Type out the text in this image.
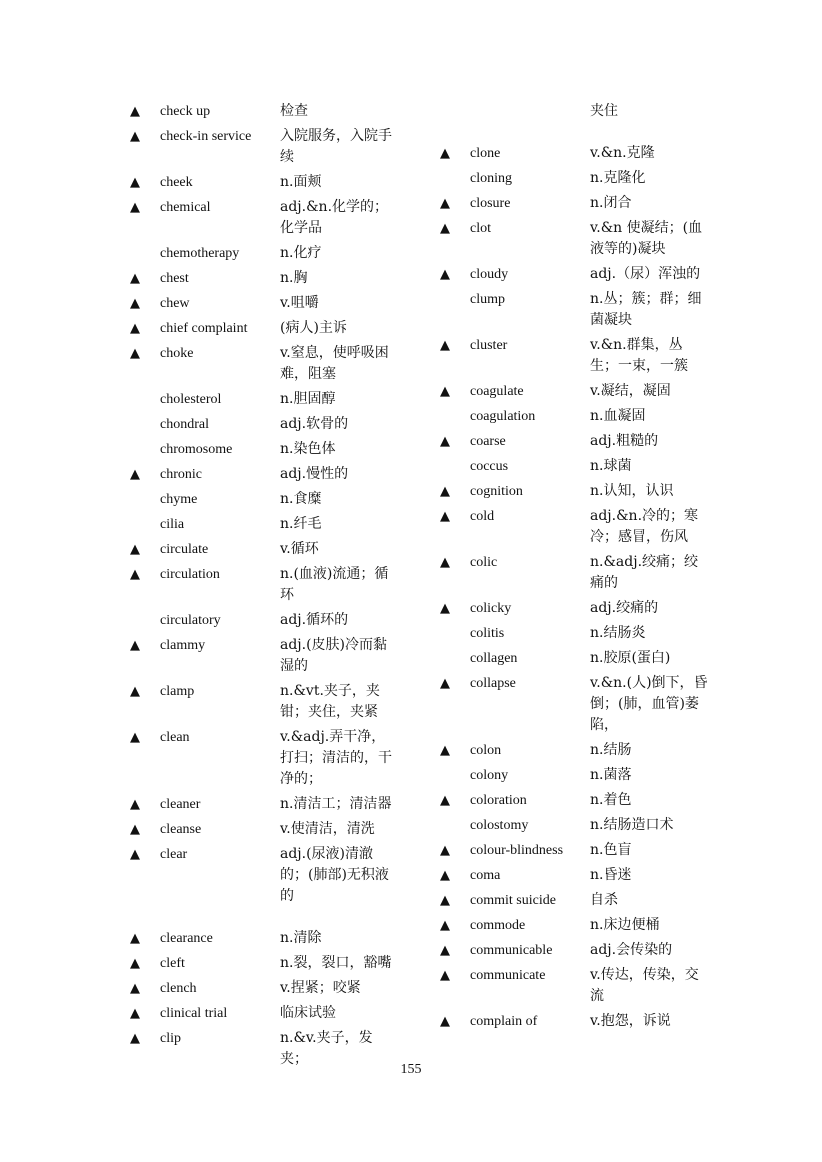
▲	check up	检查
▲	check-in service	入院服务，入院手续
▲	cheek	n.面颊
▲	chemical	adj.&n.化学的；化学品
chemotherapy	n.化疗
▲	chest	n.胸
▲	chew	v.咀嚼
▲	chief complaint	(病人)主诉
▲	choke	v.窒息，使呼吸困难，阻塞
cholesterol	n.胆固醇
chondral	adj.软骨的
chromosome	n.染色体
▲	chronic	adj.慢性的
chyme	n.食糜
cilia	n.纤毛
▲	circulate	v.循环
▲	circulation	n.(血液)流通；循环
circulatory	adj.循环的
▲	clammy	adj.(皮肤)冷而黏湿的
▲	clamp	n.&vt.夹子，夹钳；夹住，夹紧
▲	clean	v.&adj.弄干净，打扫；清洁的，干净的；
▲	cleaner	n.清洁工；清洁器
▲	cleanse	v.使清洁，清洗
▲	clear	adj.(尿液)清澈的；(肺部)无积液的
▲	clearance	n.清除
▲	cleft	n.裂，裂口，豁嘴
▲	clench	v.捏紧；咬紧
▲	clinical trial	临床试验
▲	clip	n.&v.夹子，发夹；
夹住
▲	clone	v.&n.克隆
cloning	n.克隆化
▲	closure	n.闭合
▲	clot	v.&n 使凝结；(血液等的)凝块
▲	cloudy	adj.（尿）浑浊的
clump	n.丛；簇；群；细菌凝块
▲	cluster	v.&n.群集，丛生；一束，一簇
▲	coagulate	v.凝结，凝固
coagulation	n.血凝固
▲	coarse	adj.粗糙的
coccus	n.球菌
▲	cognition	n.认知，认识
▲	cold	adj.&n.冷的；寒冷；感冒，伤风
▲	colic	n.&adj.绞痛；绞痛的
▲	colicky	adj.绞痛的
colitis	n.结肠炎
collagen	n.胶原(蛋白)
▲	collapse	v.&n.(人)倒下，昏倒；(肺，血管)萎陷，
▲	colon	n.结肠
colony	n.菌落
▲	coloration	n.着色
colostomy	n.结肠造口术
▲	colour-blindness	n.色盲
▲	coma	n.昏迷
▲	commit suicide	自杀
▲	commode	n.床边便桶
▲	communicable	adj.会传染的
▲	communicate	v.传达，传染，交流
▲	complain of	v.抱怨，诉说
155
